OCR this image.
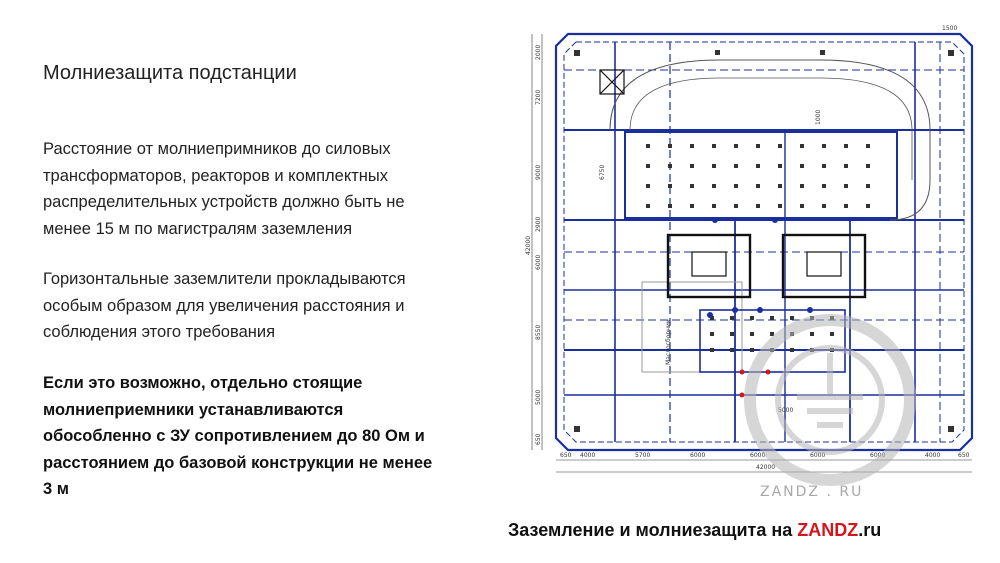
Молниезащита подстанции
Расстояние от молниепримников до силовых
трансформаторов, реакторов и комплектных
распределительных устройств должно быть не
менее 15 м по магистралям заземления
Горизонтальные заземлители прокладываются
особым образом для увеличения расстояния и
соблюдения этого требования
Если это возможно, отдельно стоящие
молниеприемники устанавливаются
обособленно с ЗУ сопротивлением до 80 Ом и
расстоянием до базовой конструкции не менее
3 м
650 4000	5700	6000	6000	6000	6000	4000	650
42000
1500
6750
1000
5000
Маслосборник
2000
7200
9000
2900
6000
8550
5000
650
42000
ZANDZ . RU
Заземление и молниезащита на ZANDZ.ru
